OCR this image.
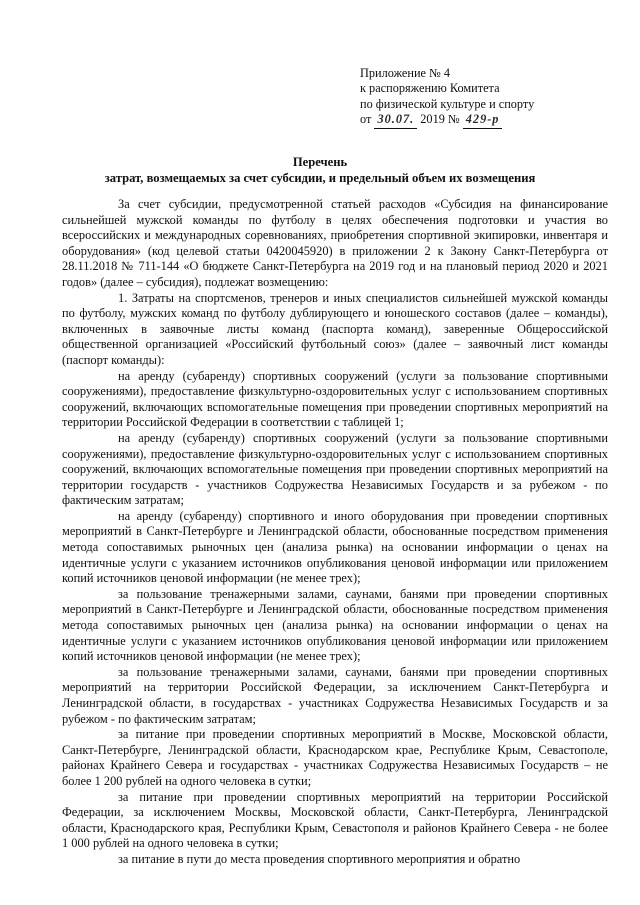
Приложение № 4
к распоряжению Комитета
по физической культуре и спорту
от 30.07. 2019 № 429-р
Перечень
затрат, возмещаемых за счет субсидии, и предельный объем их возмещения

За счет субсидии, предусмотренной статьей расходов «Субсидия на финансирование сильнейшей мужской команды по футболу в целях обеспечения подготовки и участия во всероссийских и международных соревнованиях, приобретения спортивной экипировки, инвентаря и оборудования» (код целевой статьи 0420045920) в приложении 2 к Закону Санкт-Петербурга от 28.11.2018 № 711-144 «О бюджете Санкт-Петербурга на 2019 год и на плановый период 2020 и 2021 годов» (далее – субсидия), подлежат возмещению:

1. Затраты на спортсменов, тренеров и иных специалистов сильнейшей мужской команды по футболу, мужских команд по футболу дублирующего и юношеского составов (далее – команды), включенных в заявочные листы команд (паспорта команд), заверенные Общероссийской общественной организацией «Российский футбольный союз» (далее – заявочный лист команды (паспорт команды):

на аренду (субаренду) спортивных сооружений (услуги за пользование спортивными сооружениями), предоставление физкультурно-оздоровительных услуг с использованием спортивных сооружений, включающих вспомогательные помещения при проведении спортивных мероприятий на территории Российской Федерации в соответствии с таблицей 1;

на аренду (субаренду) спортивных сооружений (услуги за пользование спортивными сооружениями), предоставление физкультурно-оздоровительных услуг с использованием спортивных сооружений, включающих вспомогательные помещения при проведении спортивных мероприятий на территории государств - участников Содружества Независимых Государств и за рубежом - по фактическим затратам;

на аренду (субаренду) спортивного и иного оборудования при проведении спортивных мероприятий в Санкт-Петербурге и Ленинградской области, обоснованные посредством применения метода сопоставимых рыночных цен (анализа рынка) на основании информации о ценах на идентичные услуги с указанием источников опубликования ценовой информации или приложением копий источников ценовой информации (не менее трех);

за пользование тренажерными залами, саунами, банями при проведении спортивных мероприятий в Санкт-Петербурге и Ленинградской области, обоснованные посредством применения метода сопоставимых рыночных цен (анализа рынка) на основании информации о ценах на идентичные услуги с указанием источников опубликования ценовой информации или приложением копий источников ценовой информации (не менее трех);

за пользование тренажерными залами, саунами, банями при проведении спортивных мероприятий на территории Российской Федерации, за исключением Санкт-Петербурга и Ленинградской области, в государствах - участниках Содружества Независимых Государств и за рубежом - по фактическим затратам;

за питание при проведении спортивных мероприятий в Москве, Московской области, Санкт-Петербурге, Ленинградской области, Краснодарском крае, Республике Крым, Севастополе, районах Крайнего Севера и государствах - участниках Содружества Независимых Государств – не более 1 200 рублей на одного человека в сутки;

за питание при проведении спортивных мероприятий на территории Российской Федерации, за исключением Москвы, Московской области, Санкт-Петербурга, Ленинградской области, Краснодарского края, Республики Крым, Севастополя и районов Крайнего Севера - не более 1 000 рублей на одного человека в сутки;

за питание в пути до места проведения спортивного мероприятия и обратно
